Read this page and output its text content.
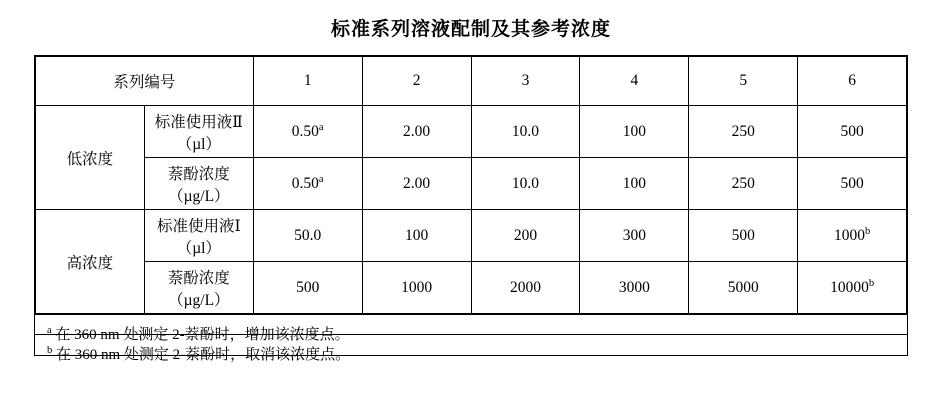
标准系列溶液配制及其参考浓度
系列编号		1	2	3	4	5	6
低浓度	标准使用液Ⅱ（µl）	0.50$^a$	2.00	10.0	100	250	500
	萘酚浓度（µg/L）	0.50$^a$	2.00	10.0	100	250	500
高浓度	标准使用液Ⅰ（µl）	50.0	100	200	300	500	1000$^b$
	萘酚浓度（µg/L）	500	1000	2000	3000	5000	10000$^b$
$^a$ 在 360 nm 处测定 2-萘酚时，增加该浓度点。
$^b$ 在 360 nm 处测定 2-萘酚时，取消该浓度点。
